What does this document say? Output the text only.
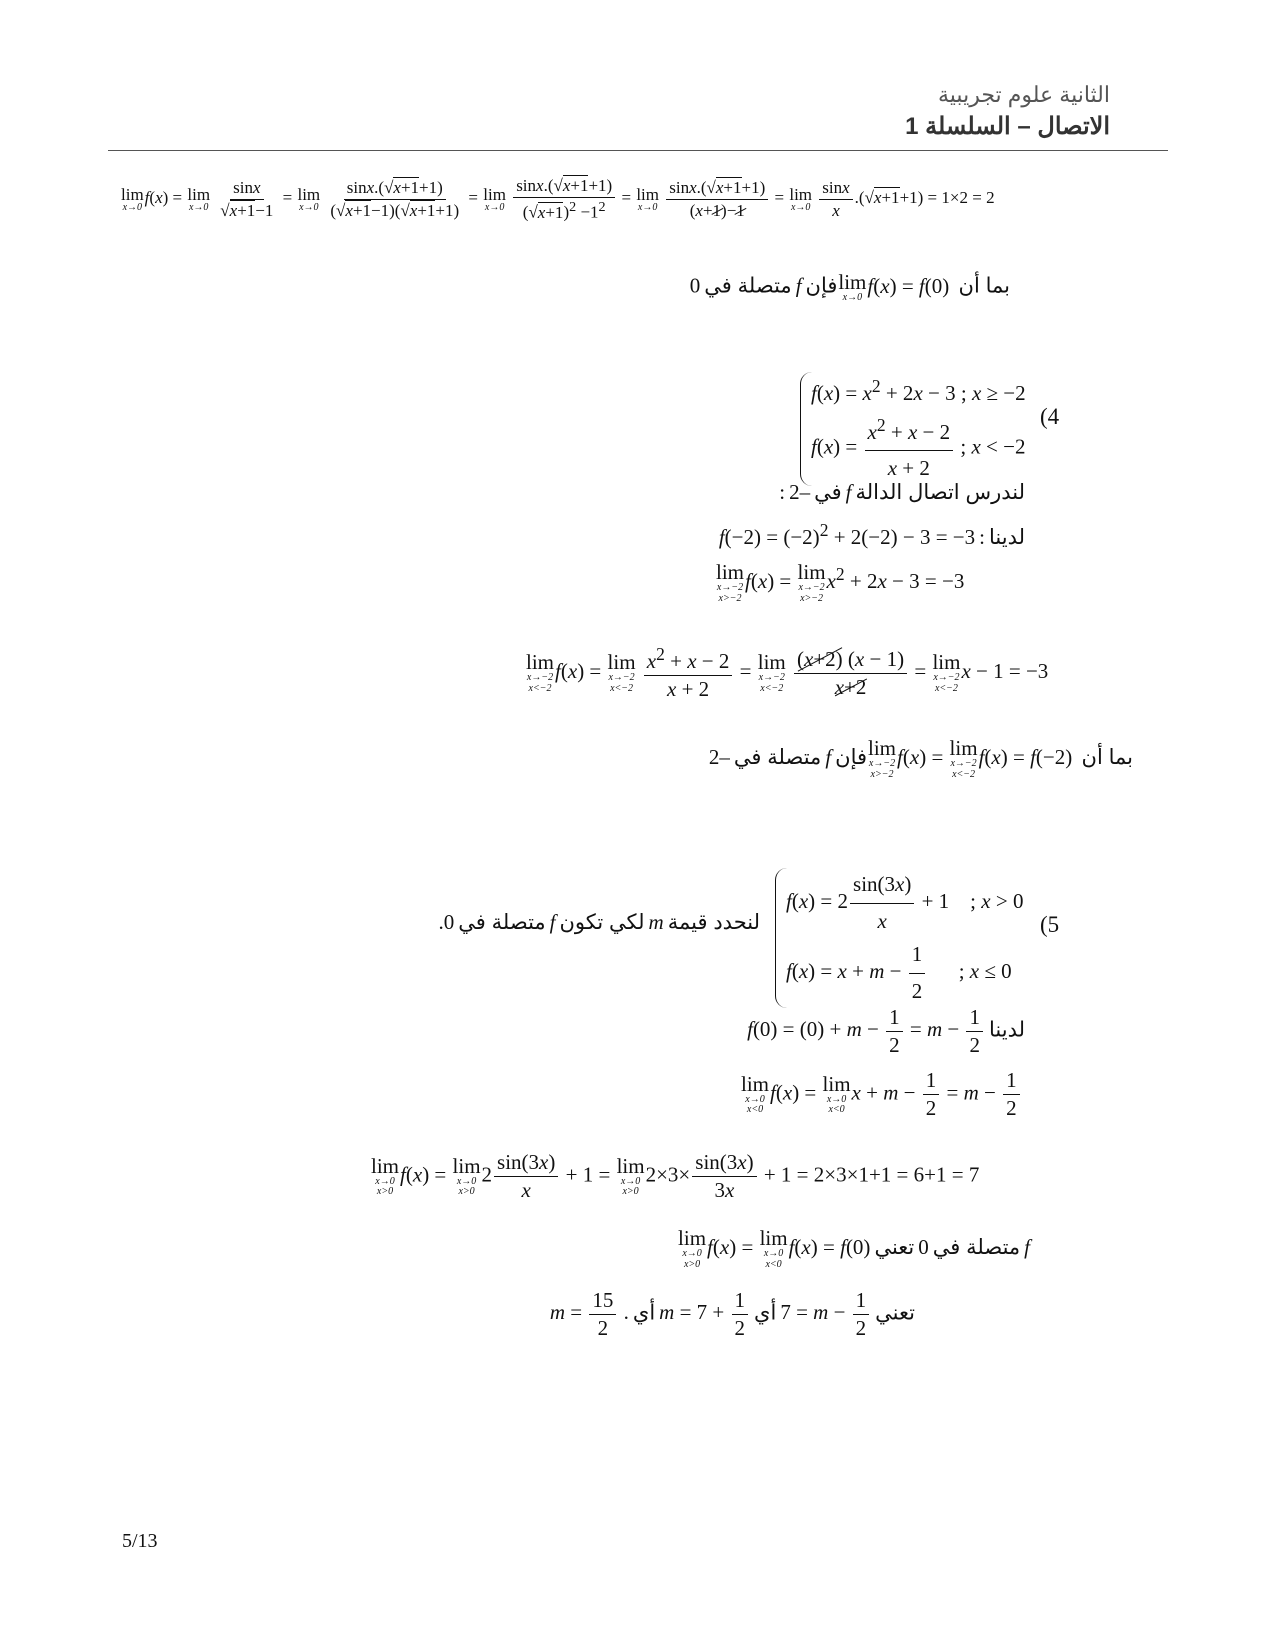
الثانية علوم تجريبية
الاتصال – السلسلة 1
lim
x→0 f(x) = lim
x→0
$\frac{\sin x}{√x+1-1} = \lim$
x→0
$\frac{\sin x.(√x+1+1)}{(√x+1-1)(√x+1+1)} = \lim$
x→0
$\frac{\sin x.(√x+1+1)}{(√x+1)^2 -1^2} = \lim$
x→0
$\frac{\sin x.(√x+1+1)}{(x+1)-1} = \lim$
x→0
$\frac{\sin x}{x} .(√x+1+1) = 1\times 2 = 2$
بما أن
lim
x→0 f(x) = f(0) فإن f متصلة في 0
(4
$f(x) = x^2 + 2x - 3$ ; x ≥ −2
$f(x) = \frac{x^2 + x - 2}{x + 2}$ ; x < −2
لندرس اتصال الدالة f في –2 :
لدينا : $f(-2) = (-2)^2 + 2(-2) - 3 = -3$
lim
x→−2
x>−2
f(x) = lim
x→−2
x>−2
$x^2 + 2x - 3 = -3$
lim
x→−2
x<−2
f(x) = lim
x→−2
x<−2
$\frac{x^2 + x - 2}{x + 2} = \lim$
x→−2
x<−2
$\frac{(x+2) (x - 1)}{x+2} = \lim$
x→−2
x<−2
x − 1 = −3
بما أن
lim
x→−2
x>−2
f(x) = lim
x→−2
x<−2
f(x) = f(−2) فإن f متصلة في –2
(5
$f(x) = 2 \frac{\sin(3x)}{x} + 1$    ; x > 0
$f(x) = x + m - \frac{1}{2}$ ; x ≤ 0
لنحدد قيمة m لكي تكون f متصلة في 0.
لدينا $f(0) = (0) + m - \frac{1}{2} = m - \frac{1}{2}$
lim
x→0
x<0
f(x) = lim
x→0
x<0
$x + m - \frac{1}{2} = m - \frac{1}{2}$
lim
x→0
x>0
f(x) = lim
x→0
x>0
$2 \frac{\sin(3x)}{x} + 1 = \lim$
x→0
x>0
$2\times 3\times \frac{\sin(3x)}{3x} + 1 = 2\times 3\times 1+1 = 6+1 = 7$
f متصلة في 0 تعني
lim
x→0
x>0
f(x) = lim
x→0
x<0
f(x) = f(0)
تعني $7 = m - \frac{1}{2}$
أي $m = 7 + \frac{1}{2}$
أي $m = \frac{15}{2}$ .
5/13
